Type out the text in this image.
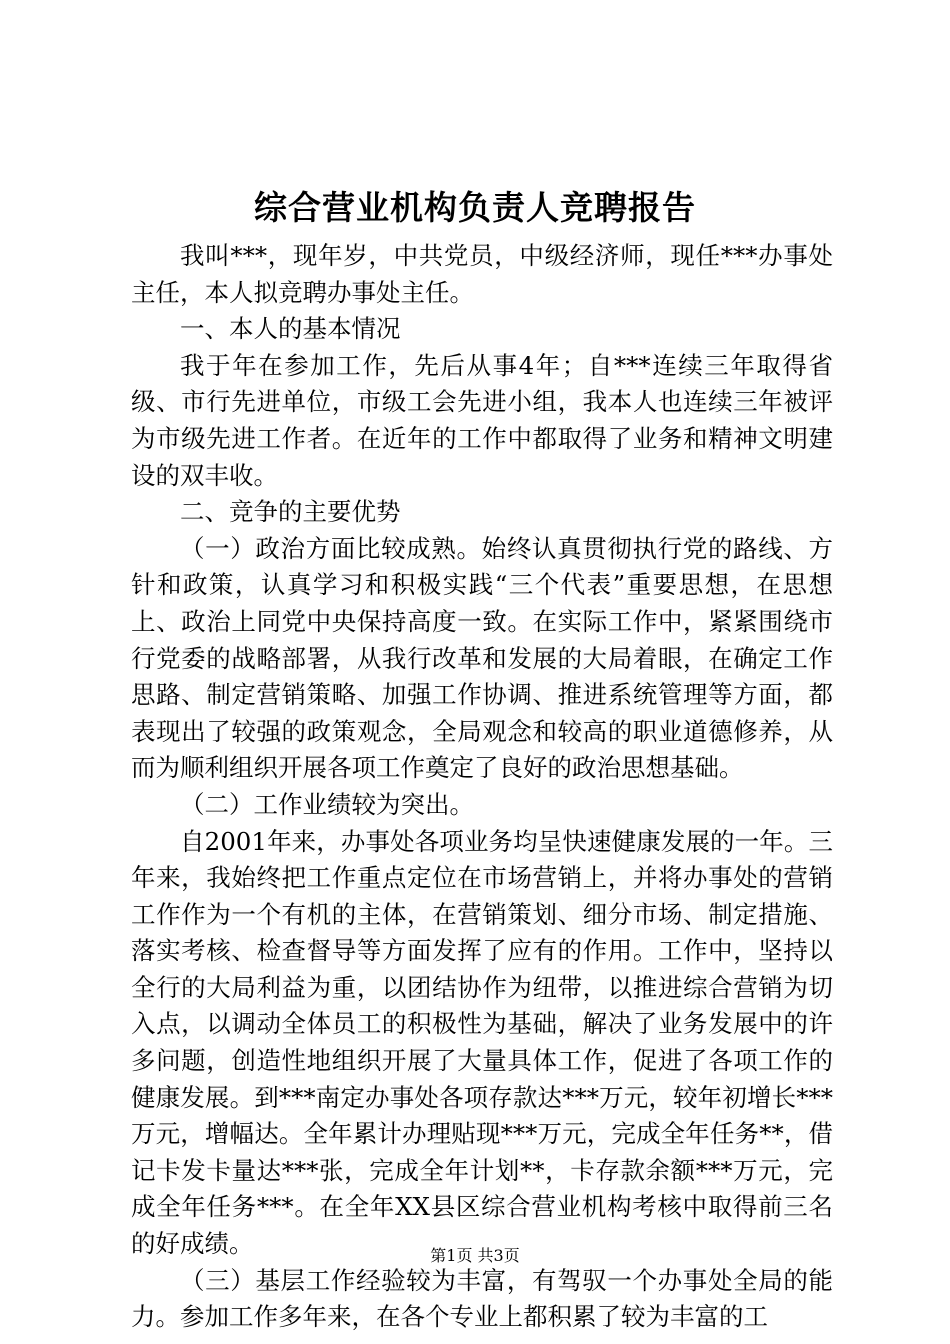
综合营业机构负责人竞聘报告

我叫***，现年岁，中共党员，中级经济师，现任***办事处主任，本人拟竞聘办事处主任。

一、本人的基本情况

我于年在参加工作，先后从事4年；自***连续三年取得省级、市行先进单位，市级工会先进小组，我本人也连续三年被评为市级先进工作者。在近年的工作中都取得了业务和精神文明建设的双丰收。

二、竞争的主要优势

（一）政治方面比较成熟。始终认真贯彻执行党的路线、方针和政策，认真学习和积极实践“三个代表”重要思想，在思想上、政治上同党中央保持高度一致。在实际工作中，紧紧围绕市行党委的战略部署，从我行改革和发展的大局着眼，在确定工作思路、制定营销策略、加强工作协调、推进系统管理等方面，都表现出了较强的政策观念，全局观念和较高的职业道德修养，从而为顺利组织开展各项工作奠定了良好的政治思想基础。

（二）工作业绩较为突出。

自2001年来，办事处各项业务均呈快速健康发展的一年。三年来，我始终把工作重点定位在市场营销上，并将办事处的营销工作作为一个有机的主体，在营销策划、细分市场、制定措施、落实考核、检查督导等方面发挥了应有的作用。工作中，坚持以全行的大局利益为重，以团结协作为纽带，以推进综合营销为切入点，以调动全体员工的积极性为基础，解决了业务发展中的许多问题，创造性地组织开展了大量具体工作，促进了各项工作的健康发展。到***南定办事处各项存款达***万元，较年初增长***万元，增幅达。全年累计办理贴现***万元，完成全年任务**，借记卡发卡量达***张，完成全年计划**，卡存款余额***万元，完成全年任务***。在全年XX县区综合营业机构考核中取得前三名的好成绩。

（三）基层工作经验较为丰富，有驾驭一个办事处全局的能力。参加工作多年来，在各个专业上都积累了较为丰富的工

第1页 共3页
